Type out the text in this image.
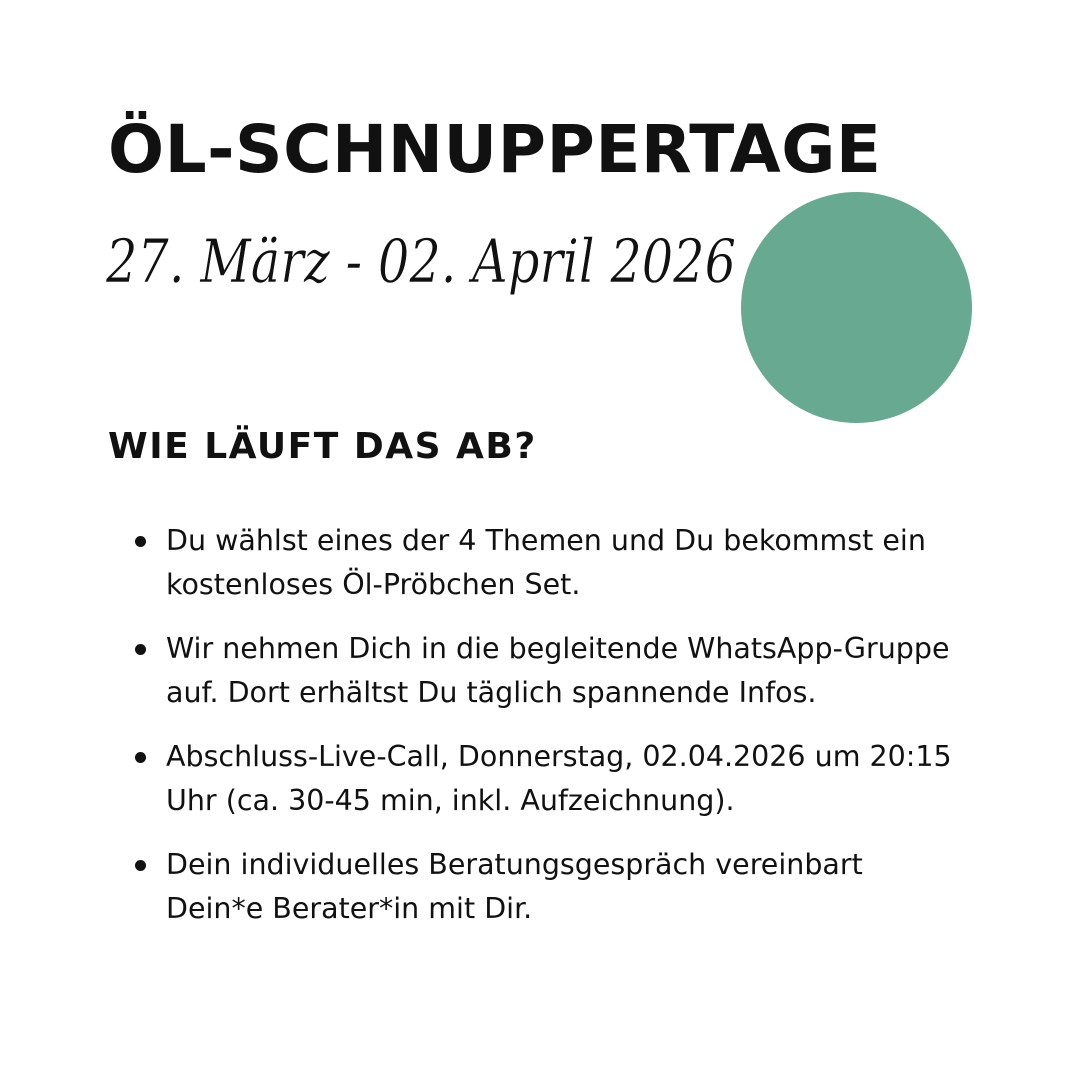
ÖL-SCHNUPPERTAGE
27. März - 02. April 2026
WIE LÄUFT DAS AB?
Du wählst eines der 4 Themen und Du bekommst ein kostenloses Öl-Pröbchen Set.
Wir nehmen Dich in die begleitende WhatsApp-Gruppe auf. Dort erhältst Du täglich spannende Infos.
Abschluss-Live-Call, Donnerstag, 02.04.2026 um 20:15 Uhr (ca. 30-45 min, inkl. Aufzeichnung).
Dein individuelles Beratungsgespräch vereinbart Dein*e Berater*in mit Dir.
